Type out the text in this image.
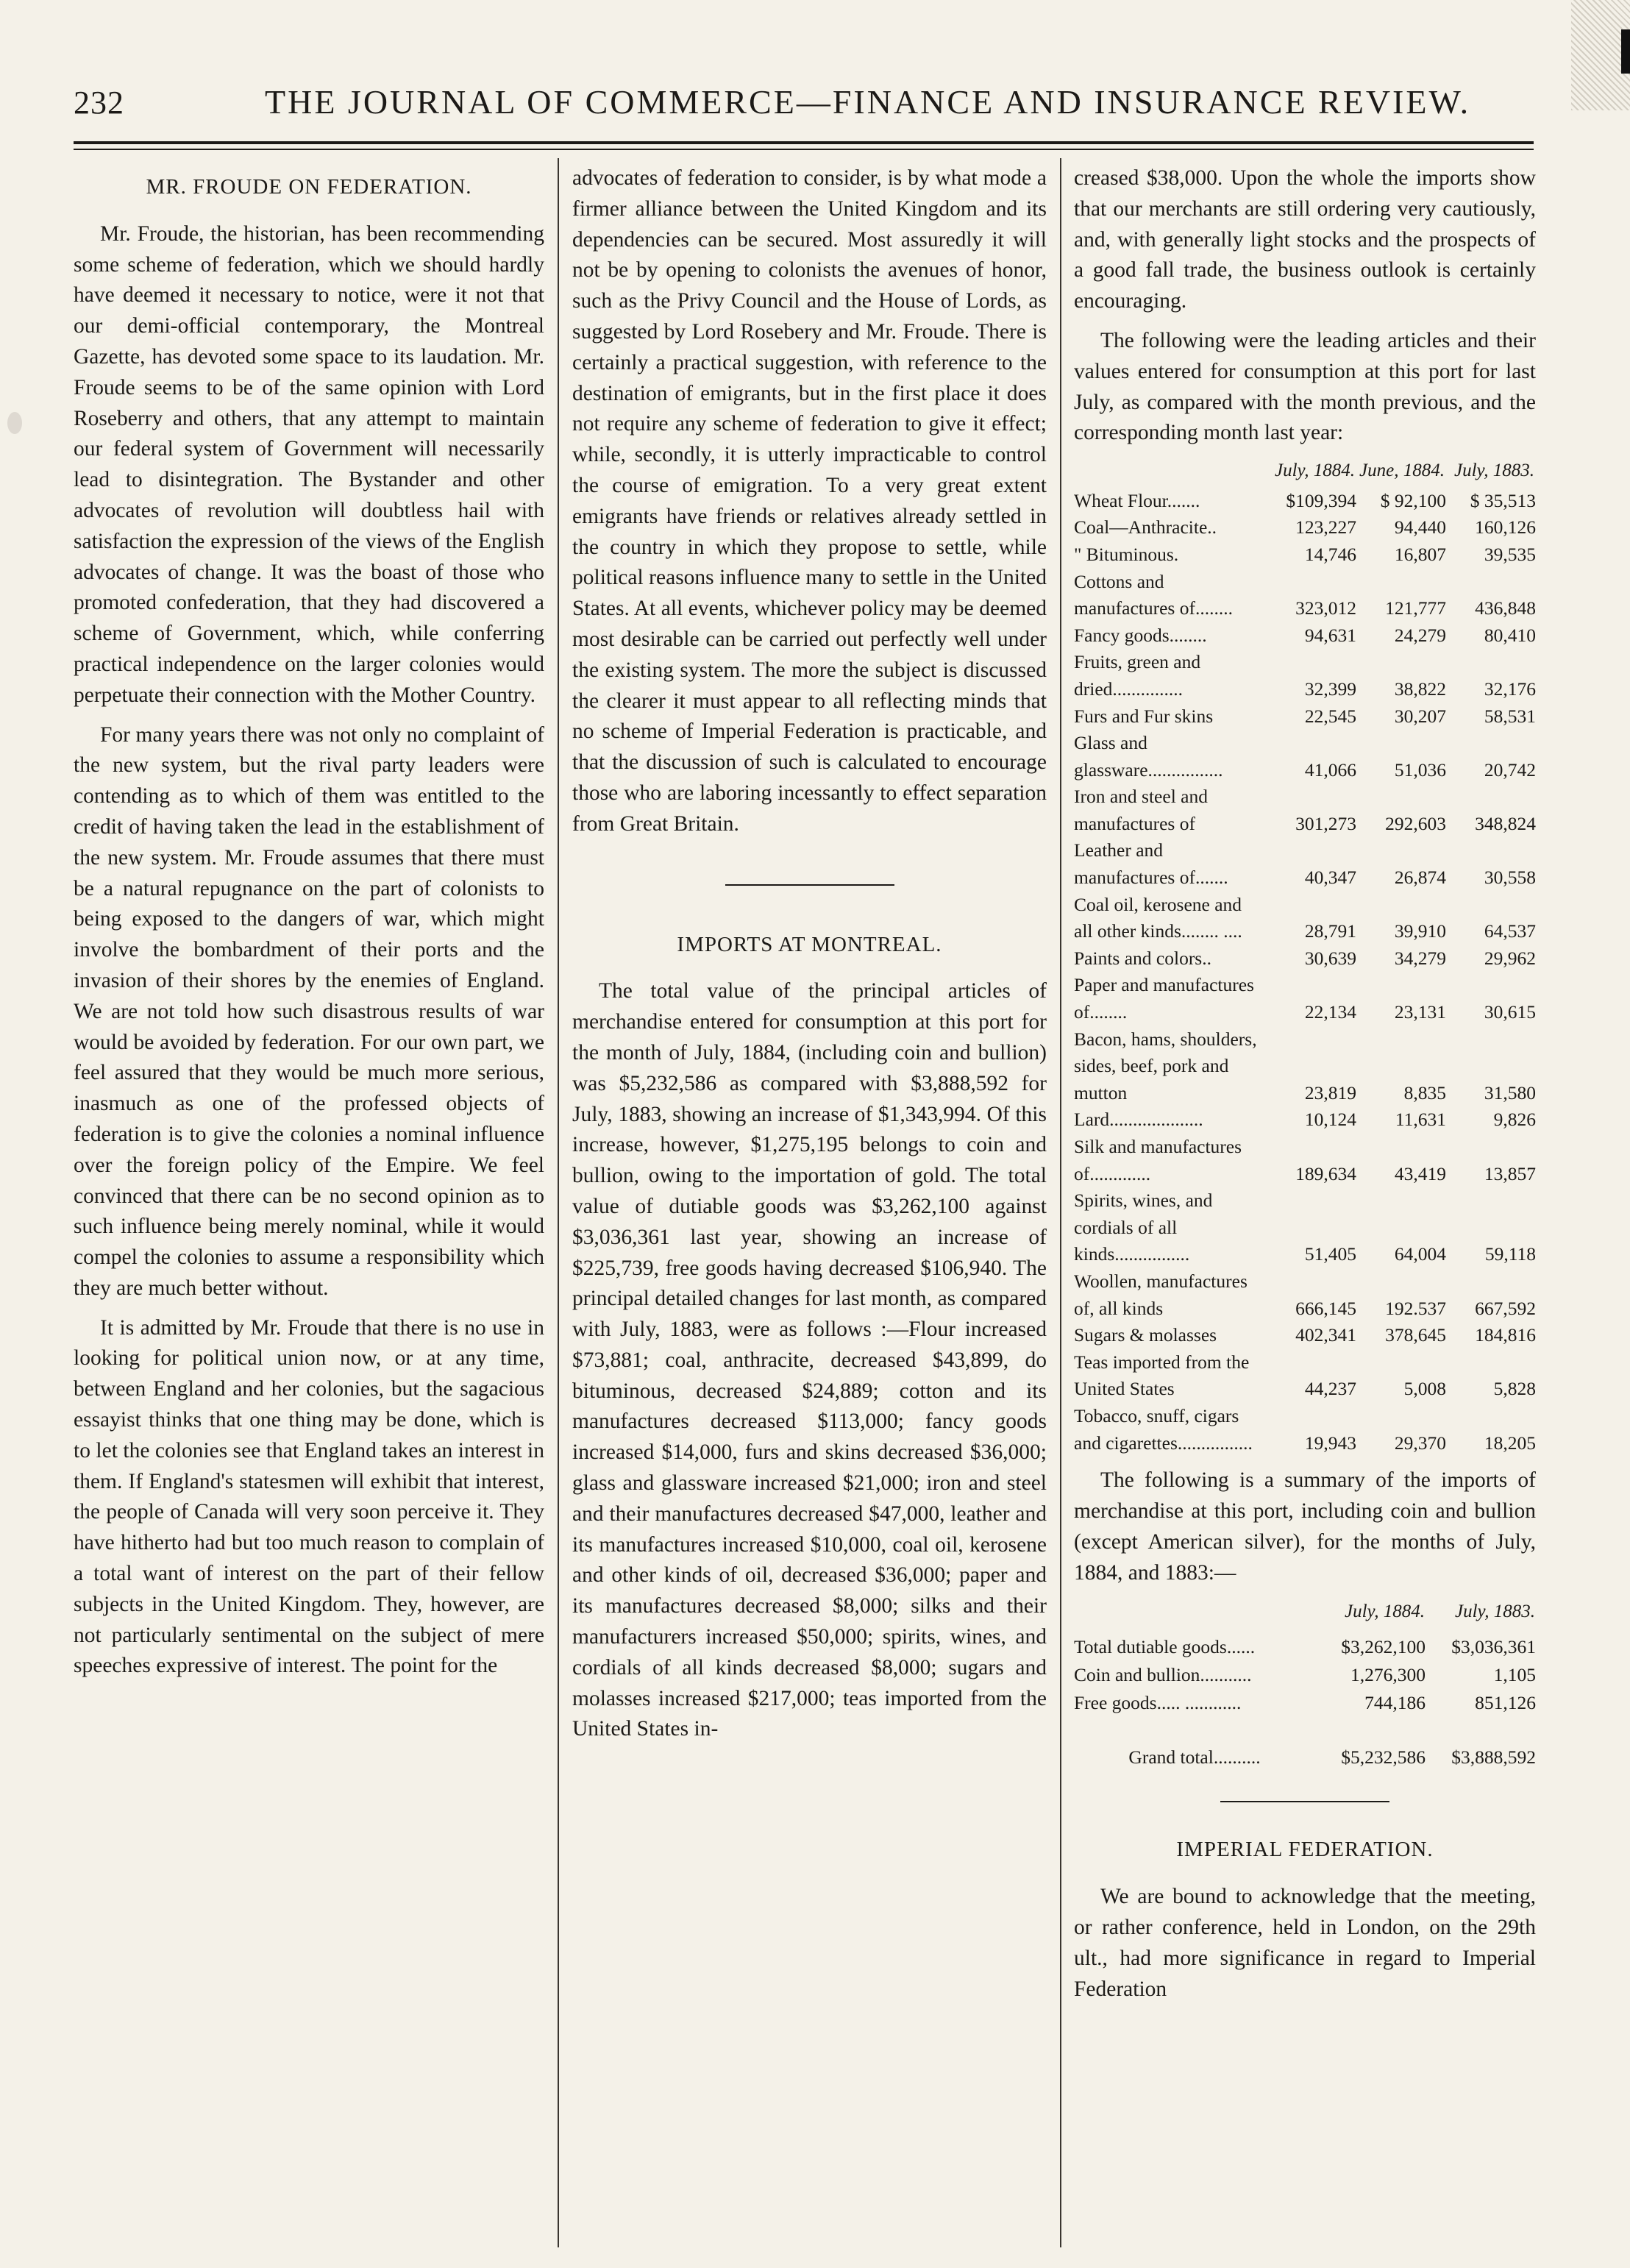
232	THE JOURNAL OF COMMERCE—FINANCE AND INSURANCE REVIEW.
MR. FROUDE ON FEDERATION.

Mr. Froude, the historian, has been recommending some scheme of federation, which we should hardly have deemed it necessary to notice, were it not that our demi-official contemporary, the Montreal Gazette, has devoted some space to its laudation. Mr. Froude seems to be of the same opinion with Lord Roseberry and others, that any attempt to maintain our federal system of Government will necessarily lead to disintegration. The Bystander and other advocates of revolution will doubtless hail with satisfaction the expression of the views of the English advocates of change. It was the boast of those who promoted confederation, that they had discovered a scheme of Government, which, while conferring practical independence on the larger colonies would perpetuate their connection with the Mother Country.

For many years there was not only no complaint of the new system, but the rival party leaders were contending as to which of them was entitled to the credit of having taken the lead in the establishment of the new system. Mr. Froude assumes that there must be a natural repugnance on the part of colonists to being exposed to the dangers of war, which might involve the bombardment of their ports and the invasion of their shores by the enemies of England. We are not told how such disastrous results of war would be avoided by federation. For our own part, we feel assured that they would be much more serious, inasmuch as one of the professed objects of federation is to give the colonies a nominal influence over the foreign policy of the Empire. We feel convinced that there can be no second opinion as to such influence being merely nominal, while it would compel the colonies to assume a responsibility which they are much better without.

It is admitted by Mr. Froude that there is no use in looking for political union now, or at any time, between England and her colonies, but the sagacious essayist thinks that one thing may be done, which is to let the colonies see that England takes an interest in them. If England's statesmen will exhibit that interest, the people of Canada will very soon perceive it. They have hitherto had but too much reason to complain of a total want of interest on the part of their fellow subjects in the United Kingdom. They, however, are not particularly sentimental on the subject of mere speeches expressive of interest. The point for the

advocates of federation to consider, is by what mode a firmer alliance between the United Kingdom and its dependencies can be secured. Most assuredly it will not be by opening to colonists the avenues of honor, such as the Privy Council and the House of Lords, as suggested by Lord Rosebery and Mr. Froude. There is certainly a practical suggestion, with reference to the destination of emigrants, but in the first place it does not require any scheme of federation to give it effect; while, secondly, it is utterly impracticable to control the course of emigration. To a very great extent emigrants have friends or relatives already settled in the country in which they propose to settle, while political reasons influence many to settle in the United States. At all events, whichever policy may be deemed most desirable can be carried out perfectly well under the existing system. The more the subject is discussed the clearer it must appear to all reflecting minds that no scheme of Imperial Federation is practicable, and that the discussion of such is calculated to encourage those who are laboring incessantly to effect separation from Great Britain.

IMPORTS AT MONTREAL.

The total value of the principal articles of merchandise entered for consumption at this port for the month of July, 1884, (including coin and bullion) was $5,232,586 as compared with $3,888,592 for July, 1883, showing an increase of $1,343,994. Of this increase, however, $1,275,195 belongs to coin and bullion, owing to the importation of gold. The total value of dutiable goods was $3,262,100 against $3,036,361 last year, showing an increase of $225,739, free goods having decreased $106,940. The principal detailed changes for last month, as compared with July, 1883, were as follows :—Flour increased $73,881; coal, anthracite, decreased $43,899, do bituminous, decreased $24,889; cotton and its manufactures decreased $113,000; fancy goods increased $14,000, furs and skins decreased $36,000; glass and glassware increased $21,000; iron and steel and their manufactures decreased $47,000, leather and its manufactures increased $10,000, coal oil, kerosene and other kinds of oil, decreased $36,000; paper and its manufactures decreased $8,000; silks and their manufacturers increased $50,000; spirits, wines, and cordials of all kinds decreased $8,000; sugars and molasses increased $217,000; teas imported from the United States in-

creased $38,000. Upon the whole the imports show that our merchants are still ordering very cautiously, and, with generally light stocks and the prospects of a good fall trade, the business outlook is certainly encouraging.

The following were the leading articles and their values entered for consumption at this port for last July, as compared with the month previous, and the corresponding month last year:

	July, 1884.	June, 1884.	July, 1883.
Wheat Flour.......	$109,394	$ 92,100	$ 35,513
Coal—Anthracite..	123,227	94,440	160,126
" Bituminous.	14,746	16,807	39,535
Cottons and manufactures of........	323,012	121,777	436,848
Fancy goods........	94,631	24,279	80,410
Fruits, green and dried...............	32,399	38,822	32,176
Furs and Fur skins	22,545	30,207	58,531
Glass and glassware................	41,066	51,036	20,742
Iron and steel and manufactures of	301,273	292,603	348,824
Leather and manufactures of.......	40,347	26,874	30,558
Coal oil, kerosene and all other kinds........ ....	28,791	39,910	64,537
Paints and colors..	30,639	34,279	29,962
Paper and manufactures of........	22,134	23,131	30,615
Bacon, hams, shoulders, sides, beef, pork and mutton	23,819	8,835	31,580
Lard....................	10,124	11,631	9,826
Silk and manufactures of.............	189,634	43,419	13,857
Spirits, wines, and cordials of all kinds................	51,405	64,004	59,118
Woollen, manufactures of, all kinds	666,145	192.537	667,592
Sugars & molasses	402,341	378,645	184,816
Teas imported from the United States	44,237	5,008	5,828
Tobacco, snuff, cigars and cigarettes................	19,943	29,370	18,205

The following is a summary of the imports of merchandise at this port, including coin and bullion (except American silver), for the months of July, 1884, and 1883:—

	July, 1884.	July, 1883.
Total dutiable goods......	$3,262,100	$3,036,361
Coin and bullion...........	1,276,300	1,105
Free goods..... ............	744,186	851,126
Grand total..........	$5,232,586	$3,888,592
IMPERIAL FEDERATION.

We are bound to acknowledge that the meeting, or rather conference, held in London, on the 29th ult., had more significance in regard to Imperial Federation
